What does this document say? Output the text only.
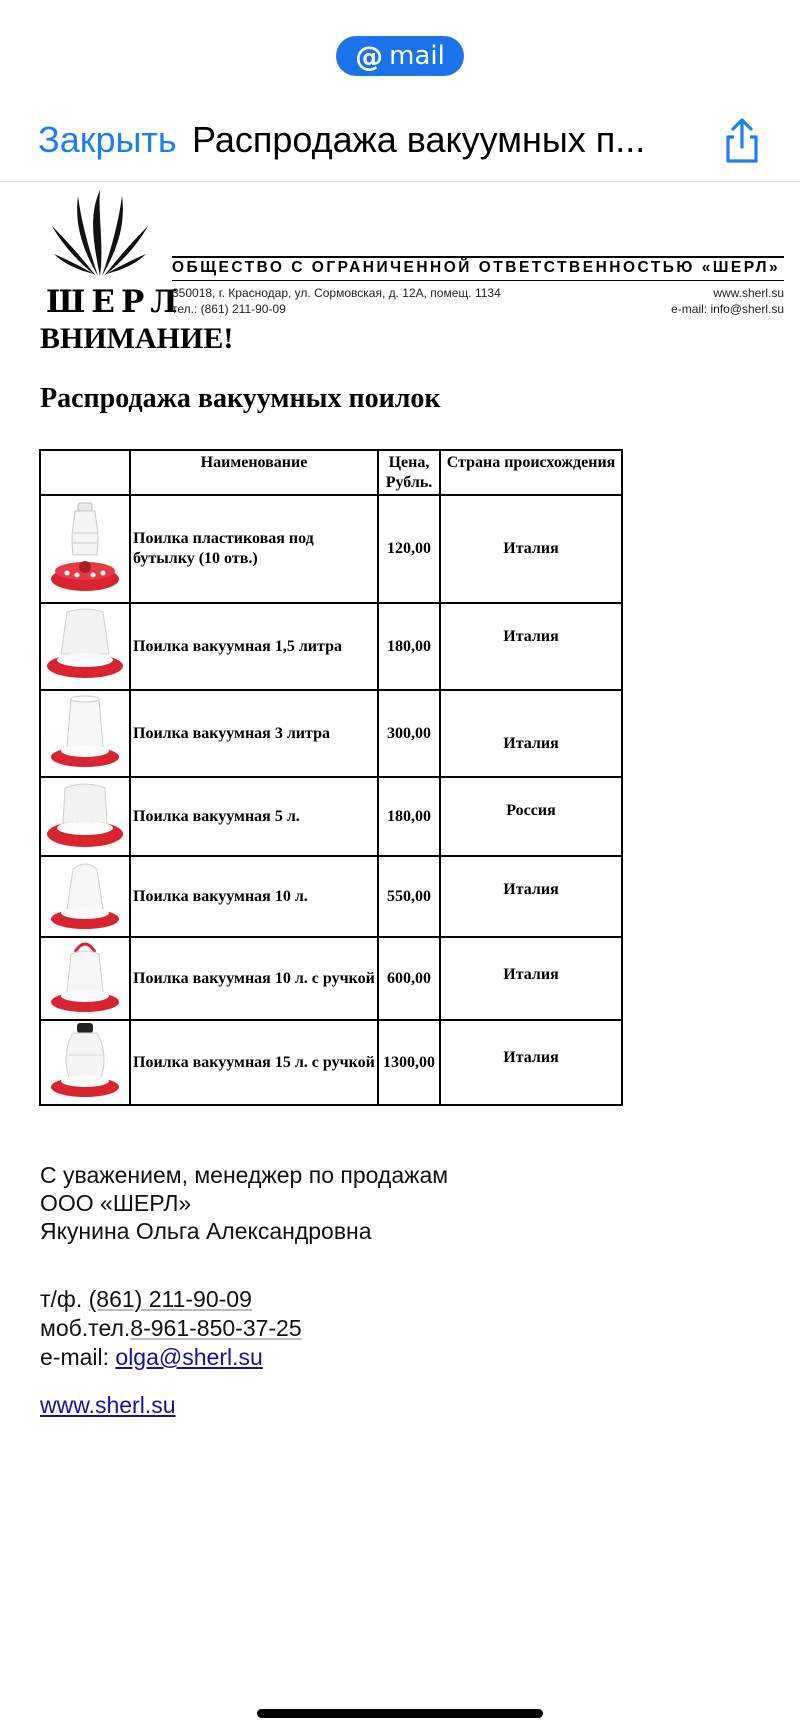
@ mail
Закрыть Распродажа вакуумных п...
ШЕРЛ
ОБЩЕСТВО С ОГРАНИЧЕННОЙ ОТВЕТСТВЕННОСТЬЮ «ШЕРЛ»
350018, г. Краснодар, ул. Сормовская, д. 12А, помещ. 1134
тел.: (861) 211-90-09
www.sherl.su
e-mail: info@sherl.su
ВНИМАНИЕ!
Распродажа вакуумных поилок
	Наименование	Цена, Рубль.	Страна происхождения
	Поилка пластиковая под бутылку (10 отв.)	120,00	Италия
	Поилка вакуумная 1,5 литра	180,00	Италия
	Поилка вакуумная 3 литра	300,00	Италия
	Поилка вакуумная 5 л.	180,00	Россия
	Поилка вакуумная 10 л.	550,00	Италия
	Поилка вакуумная 10 л. с ручкой	600,00	Италия
	Поилка вакуумная 15 л. с ручкой	1300,00	Италия
С уважением, менеджер по продажам
ООО «ШЕРЛ»
Якунина Ольга Александровна
т/ф. (861) 211-90-09
моб.тел.8-961-850-37-25
e-mail: olga@sherl.su
www.sherl.su
